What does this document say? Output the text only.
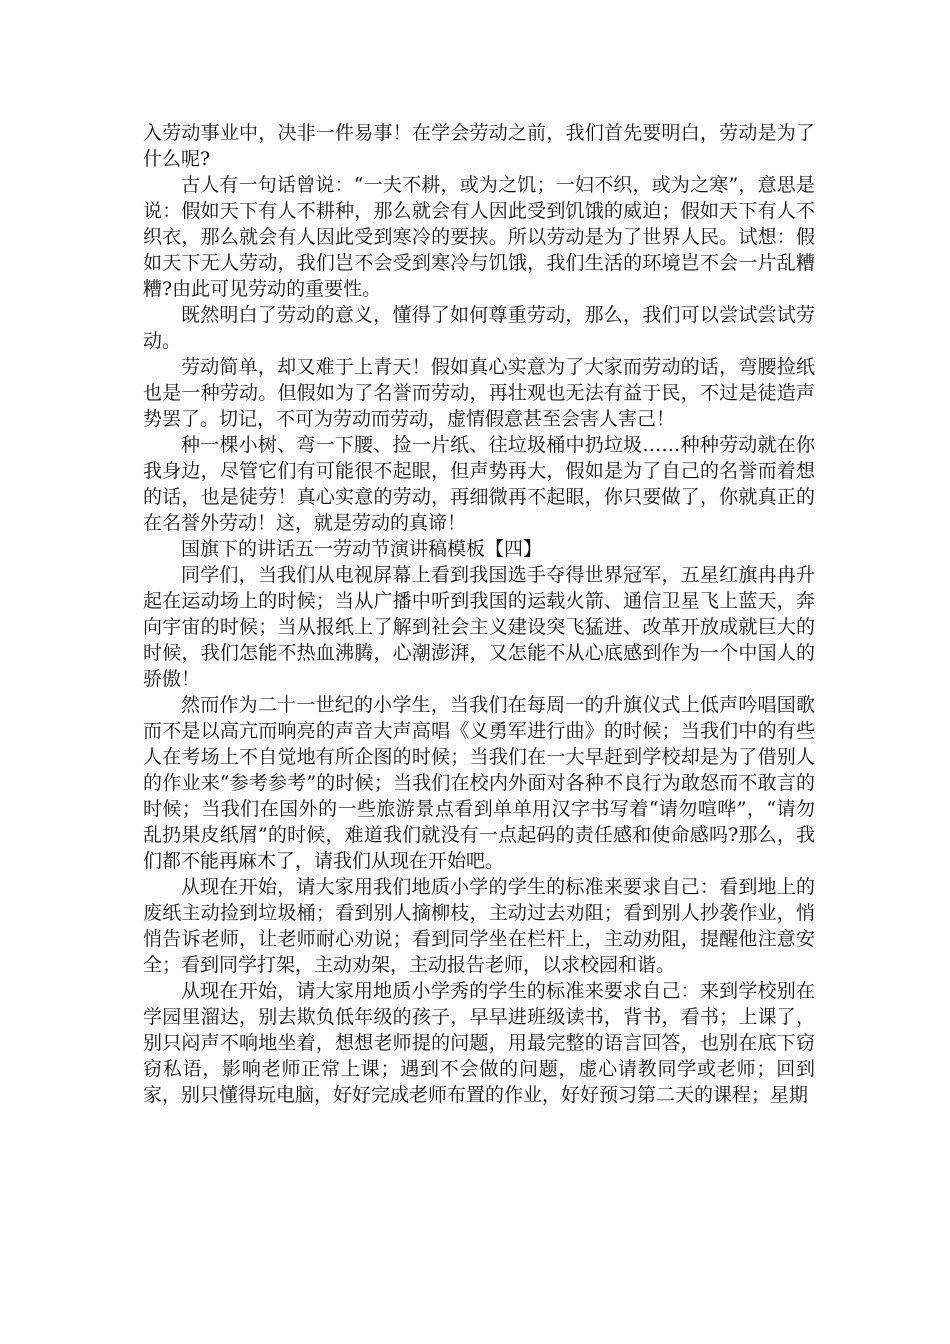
入劳动事业中，决非一件易事！在学会劳动之前，我们首先要明白，劳动是为了什么呢?

古人有一句话曾说：“一夫不耕，或为之饥；一妇不织，或为之寒”，意思是说：假如天下有人不耕种，那么就会有人因此受到饥饿的威迫；假如天下有人不织衣，那么就会有人因此受到寒冷的要挟。所以劳动是为了世界人民。试想：假如天下无人劳动，我们岂不会受到寒冷与饥饿，我们生活的环境岂不会一片乱糟糟?由此可见劳动的重要性。

既然明白了劳动的意义，懂得了如何尊重劳动，那么，我们可以尝试尝试劳动。

劳动简单，却又难于上青天！假如真心实意为了大家而劳动的话，弯腰捡纸也是一种劳动。但假如为了名誉而劳动，再壮观也无法有益于民，不过是徒造声势罢了。切记，不可为劳动而劳动，虚情假意甚至会害人害己！

种一棵小树、弯一下腰、捡一片纸、往垃圾桶中扔垃圾……种种劳动就在你我身边，尽管它们有可能很不起眼，但声势再大，假如是为了自己的名誉而着想的话，也是徒劳！真心实意的劳动，再细微再不起眼，你只要做了，你就真正的在名誉外劳动！这，就是劳动的真谛！

国旗下的讲话五一劳动节演讲稿模板【四】

同学们，当我们从电视屏幕上看到我国选手夺得世界冠军，五星红旗冉冉升起在运动场上的时候；当从广播中听到我国的运载火箭、通信卫星飞上蓝天，奔向宇宙的时候；当从报纸上了解到社会主义建设突飞猛进、改革开放成就巨大的时候，我们怎能不热血沸腾，心潮澎湃，又怎能不从心底感到作为一个中国人的骄傲！

然而作为二十一世纪的小学生，当我们在每周一的升旗仪式上低声吟唱国歌而不是以高亢而响亮的声音大声高唱《义勇军进行曲》的时候；当我们中的有些人在考场上不自觉地有所企图的时候；当我们在一大早赶到学校却是为了借别人的作业来“参考参考”的时候；当我们在校内外面对各种不良行为敢怒而不敢言的时候；当我们在国外的一些旅游景点看到单单用汉字书写着“请勿喧哗”，“请勿乱扔果皮纸屑”的时候，难道我们就没有一点起码的责任感和使命感吗?那么，我们都不能再麻木了，请我们从现在开始吧。

从现在开始，请大家用我们地质小学的学生的标准来要求自己：看到地上的废纸主动捡到垃圾桶；看到别人摘柳枝，主动过去劝阻；看到别人抄袭作业，悄悄告诉老师，让老师耐心劝说；看到同学坐在栏杆上，主动劝阻，提醒他注意安全；看到同学打架，主动劝架，主动报告老师，以求校园和谐。

从现在开始，请大家用地质小学秀的学生的标准来要求自己：来到学校别在学园里溜达，别去欺负低年级的孩子，早早进班级读书，背书，看书；上课了，别只闷声不响地坐着，想想老师提的问题，用最完整的语言回答，也别在底下窃窃私语，影响老师正常上课；遇到不会做的问题，虚心请教同学或老师；回到家，别只懂得玩电脑，好好完成老师布置的作业，好好预习第二天的课程；星期
